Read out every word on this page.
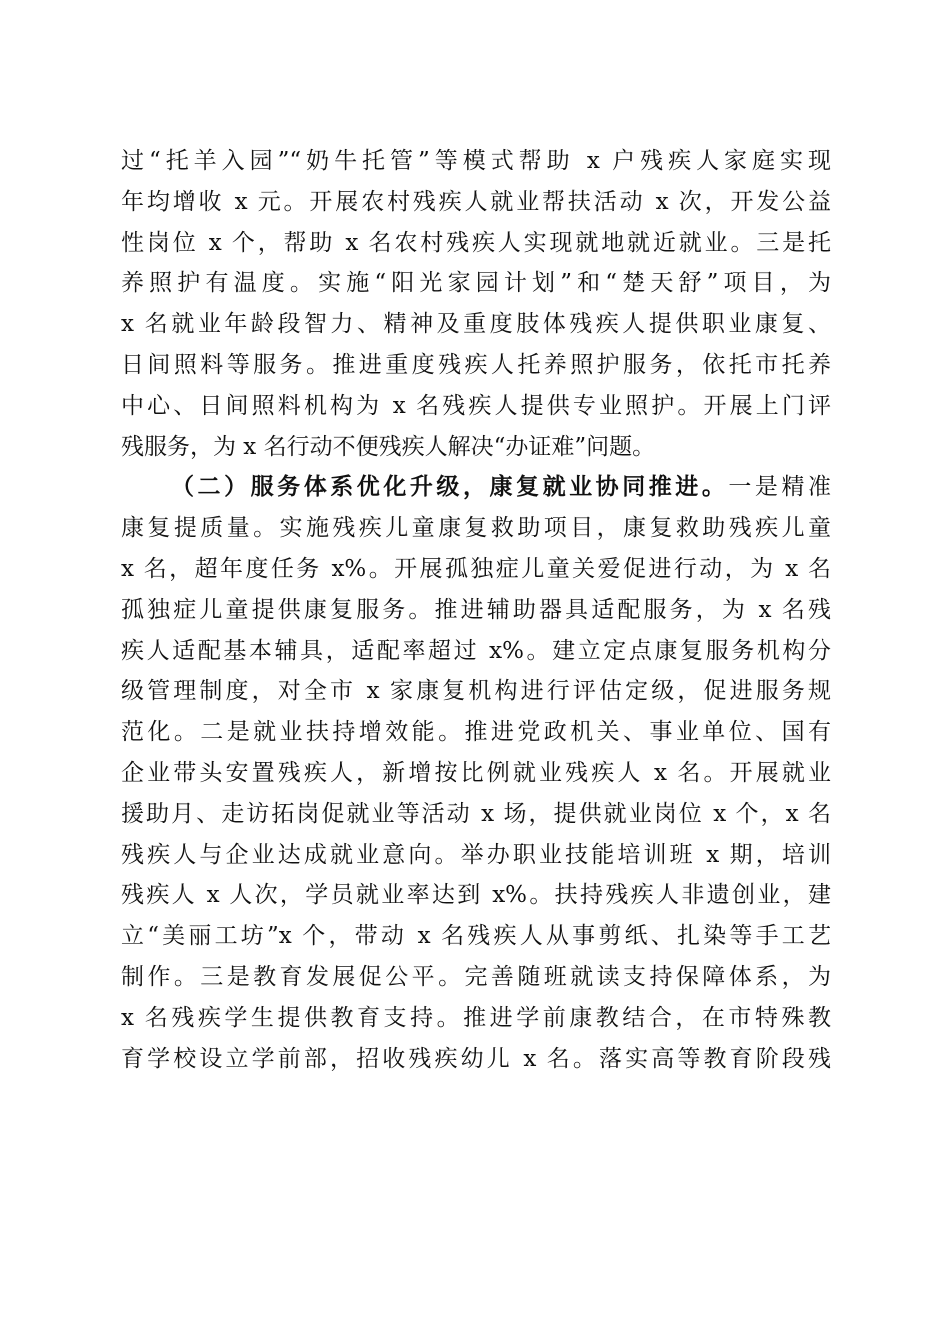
过“托羊入园”“奶牛托管”等模式帮助 x 户残疾人家庭实现
年均增收 x 元。开展农村残疾人就业帮扶活动 x 次，开发公益
性岗位 x 个，帮助 x 名农村残疾人实现就地就近就业。三是托
养照护有温度。实施“阳光家园计划”和“楚天舒”项目，为
x 名就业年龄段智力、精神及重度肢体残疾人提供职业康复、
日间照料等服务。推进重度残疾人托养照护服务，依托市托养
中心、日间照料机构为 x 名残疾人提供专业照护。开展上门评
残服务，为 x 名行动不便残疾人解决“办证难”问题。
（二）服务体系优化升级，康复就业协同推进。一是精准
康复提质量。实施残疾儿童康复救助项目，康复救助残疾儿童
x 名，超年度任务 x%。开展孤独症儿童关爱促进行动，为 x 名
孤独症儿童提供康复服务。推进辅助器具适配服务，为 x 名残
疾人适配基本辅具，适配率超过 x%。建立定点康复服务机构分
级管理制度，对全市 x 家康复机构进行评估定级，促进服务规
范化。二是就业扶持增效能。推进党政机关、事业单位、国有
企业带头安置残疾人，新增按比例就业残疾人 x 名。开展就业
援助月、走访拓岗促就业等活动 x 场，提供就业岗位 x 个，x 名
残疾人与企业达成就业意向。举办职业技能培训班 x 期，培训
残疾人 x 人次，学员就业率达到 x%。扶持残疾人非遗创业，建
立“美丽工坊”x 个，带动 x 名残疾人从事剪纸、扎染等手工艺
制作。三是教育发展促公平。完善随班就读支持保障体系，为
x 名残疾学生提供教育支持。推进学前康教结合，在市特殊教
育学校设立学前部，招收残疾幼儿 x 名。落实高等教育阶段残
